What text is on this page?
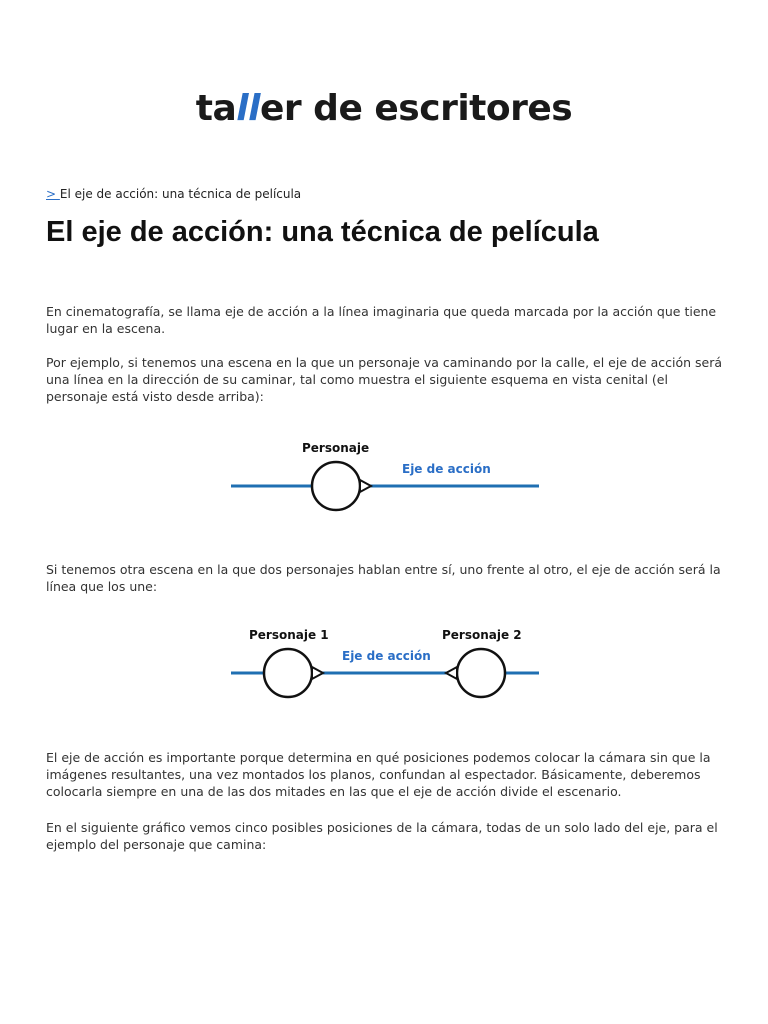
taller de escritores
> El eje de acción: una técnica de película
El eje de acción: una técnica de película

En cinematografía, se llama eje de acción a la línea imaginaria que queda marcada por la acción que tiene lugar en la escena.

Por ejemplo, si tenemos una escena en la que un personaje va caminando por la calle, el eje de acción será una línea en la dirección de su caminar, tal como muestra el siguiente esquema en vista cenital (el personaje está visto desde arriba):

Personaje
Eje de acción

Si tenemos otra escena en la que dos personajes hablan entre sí, uno frente al otro, el eje de acción será la línea que los une:

Personaje 1	Personaje 2
Eje de acción

El eje de acción es importante porque determina en qué posiciones podemos colocar la cámara sin que la imágenes resultantes, una vez montados los planos, confundan al espectador. Básicamente, deberemos colocarla siempre en una de las dos mitades en las que el eje de acción divide el escenario.

En el siguiente gráfico vemos cinco posibles posiciones de la cámara, todas de un solo lado del eje, para el ejemplo del personaje que camina:
